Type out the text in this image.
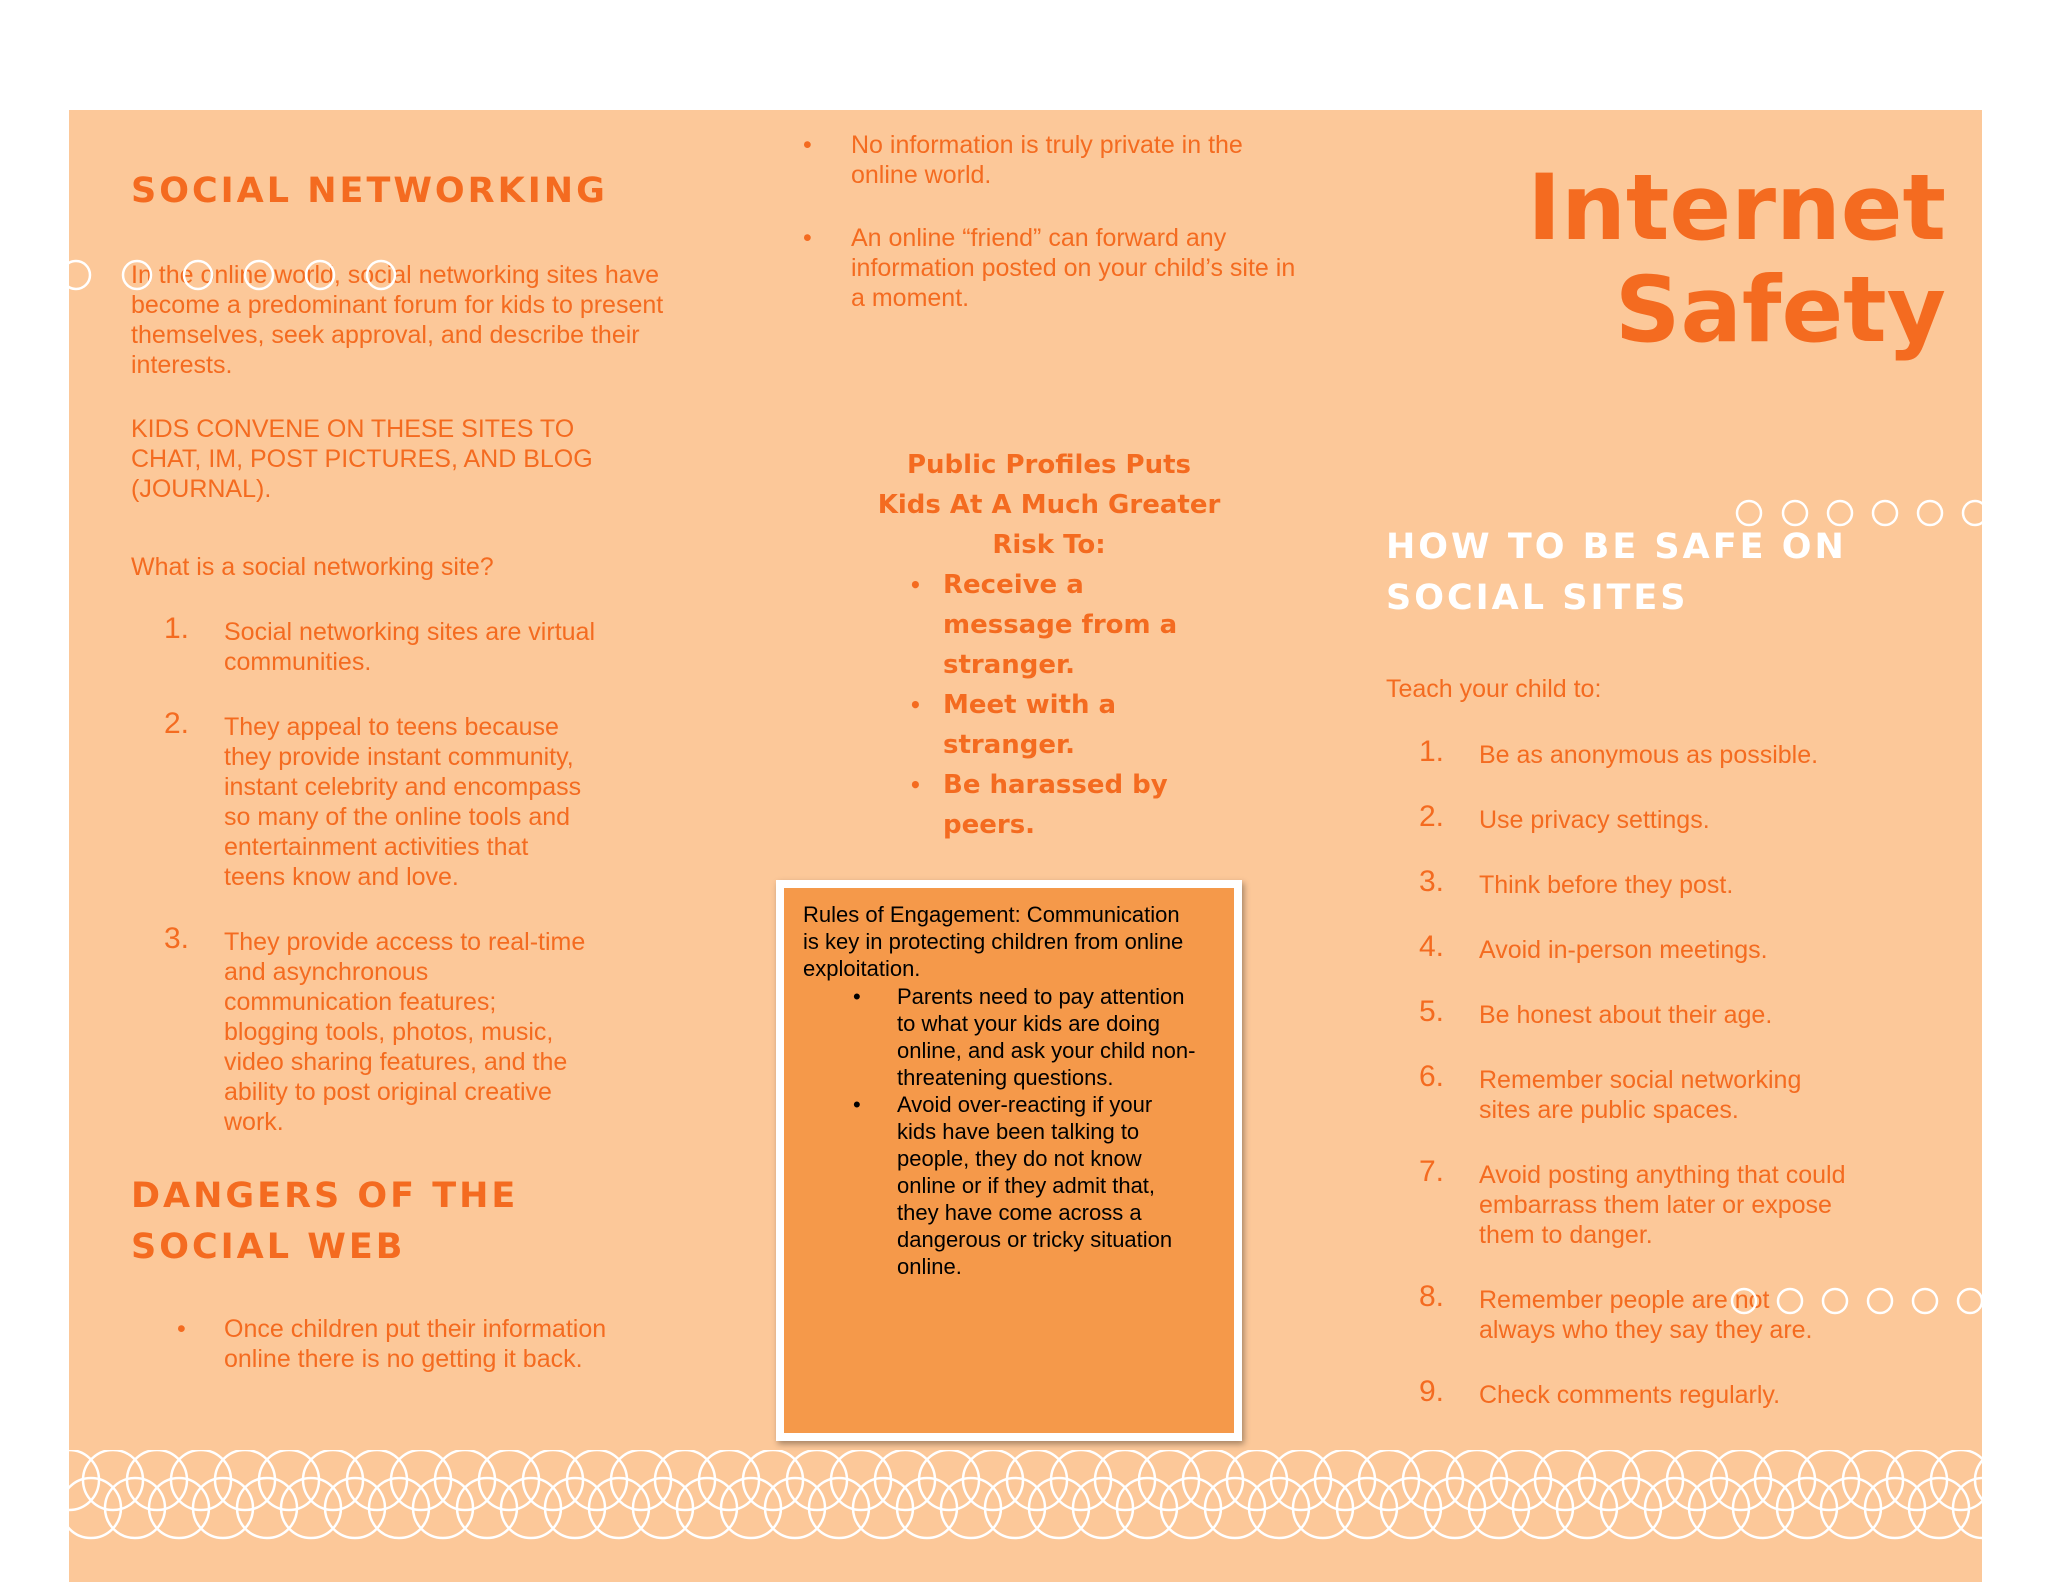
SOCIAL NETWORKING

In the online world, social networking sites have
become a predominant forum for kids to present
themselves, seek approval, and describe their
interests.

KIDS CONVENE ON THESE SITES TO
CHAT, IM, POST PICTURES, AND BLOG
(JOURNAL).

What is a social networking site?

1. Social networking sites are virtual
communities.
2. They appeal to teens because
they provide instant community,
instant celebrity and encompass
so many of the online tools and
entertainment activities that
teens know and love.
3. They provide access to real-time
and asynchronous
communication features;
blogging tools, photos, music,
video sharing features, and the
ability to post original creative
work.
DANGERS OF THE
SOCIAL WEB
• Once children put their information
online there is no getting it back.
• No information is truly private in the
online world.
• An online “friend” can forward any
information posted on your child’s site in
a moment.
Public Profiles Puts
Kids At A Much Greater
Risk To:
• Receive a
message from a
stranger.
• Meet with a
stranger.
• Be harassed by
peers.

Rules of Engagement: Communication
is key in protecting children from online
exploitation.

• Parents need to pay attention
to what your kids are doing
online, and ask your child non-
threatening questions.
• Avoid over-reacting if your
kids have been talking to
people, they do not know
online or if they admit that,
they have come across a
dangerous or tricky situation
online.
Internet
Safety
HOW TO BE SAFE ON
SOCIAL SITES

Teach your child to:

1. Be as anonymous as possible.
2. Use privacy settings.
3. Think before they post.
4. Avoid in-person meetings.
5. Be honest about their age.
6. Remember social networking
sites are public spaces.
7. Avoid posting anything that could
embarrass them later or expose
them to danger.
8. Remember people are not
always who they say they are.
9. Check comments regularly.
